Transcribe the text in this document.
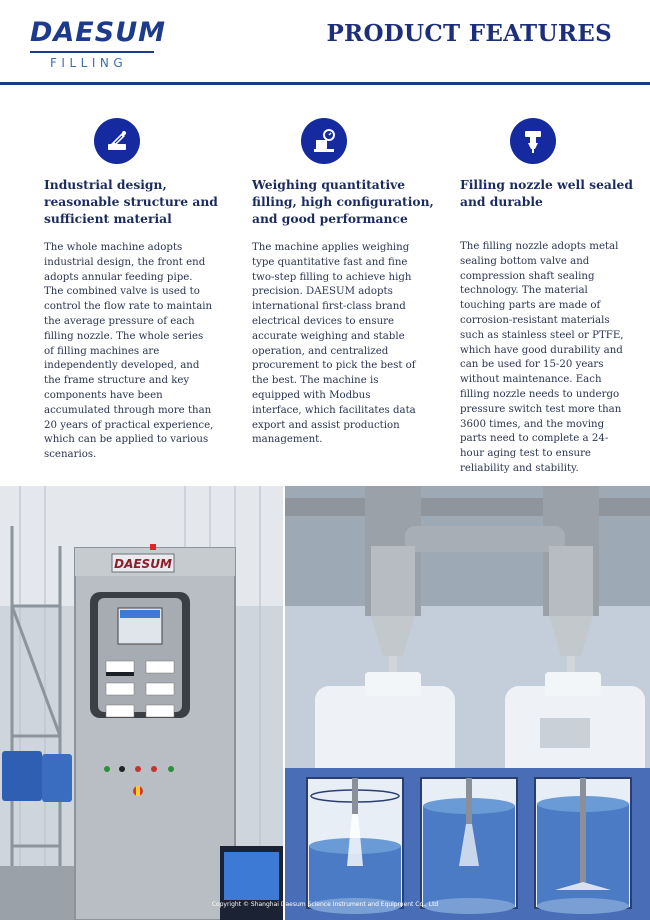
DAESUM
FILLING
PRODUCT FEATURES
Industrial design, reasonable structure and sufficient material
The whole machine adopts industrial design, the front end adopts annular feeding pipe. The combined valve is used to control the flow rate to maintain the average pressure of each filling nozzle. The whole series of filling machines are independently developed, and the frame structure and key components have been accumulated through more than 20 years of practical experience, which can be applied to various scenarios.
Weighing quantitative filling, high configuration, and good performance
The machine applies weighing type quantitative fast and fine two-step filling to achieve high precision. DAESUM adopts international first-class brand electrical devices to ensure accurate weighing and stable operation, and centralized procurement to pick the best of the best. The machine is equipped with Modbus interface, which facilitates data export and assist production management.
Filling nozzle well sealed and durable
The filling nozzle adopts metal sealing bottom valve and compression shaft sealing technology. The material touching parts are made of corrosion-resistant materials such as stainless steel or PTFE, which have good durability and can be used for 15-20 years without maintenance. Each filling nozzle needs to undergo pressure switch test more than 3600 times, and the moving parts need to complete a 24-hour aging test to ensure reliability and stability.
DAESUM
Copyright © Shanghai Daesum Science Instrument and Equipment Co., Ltd
